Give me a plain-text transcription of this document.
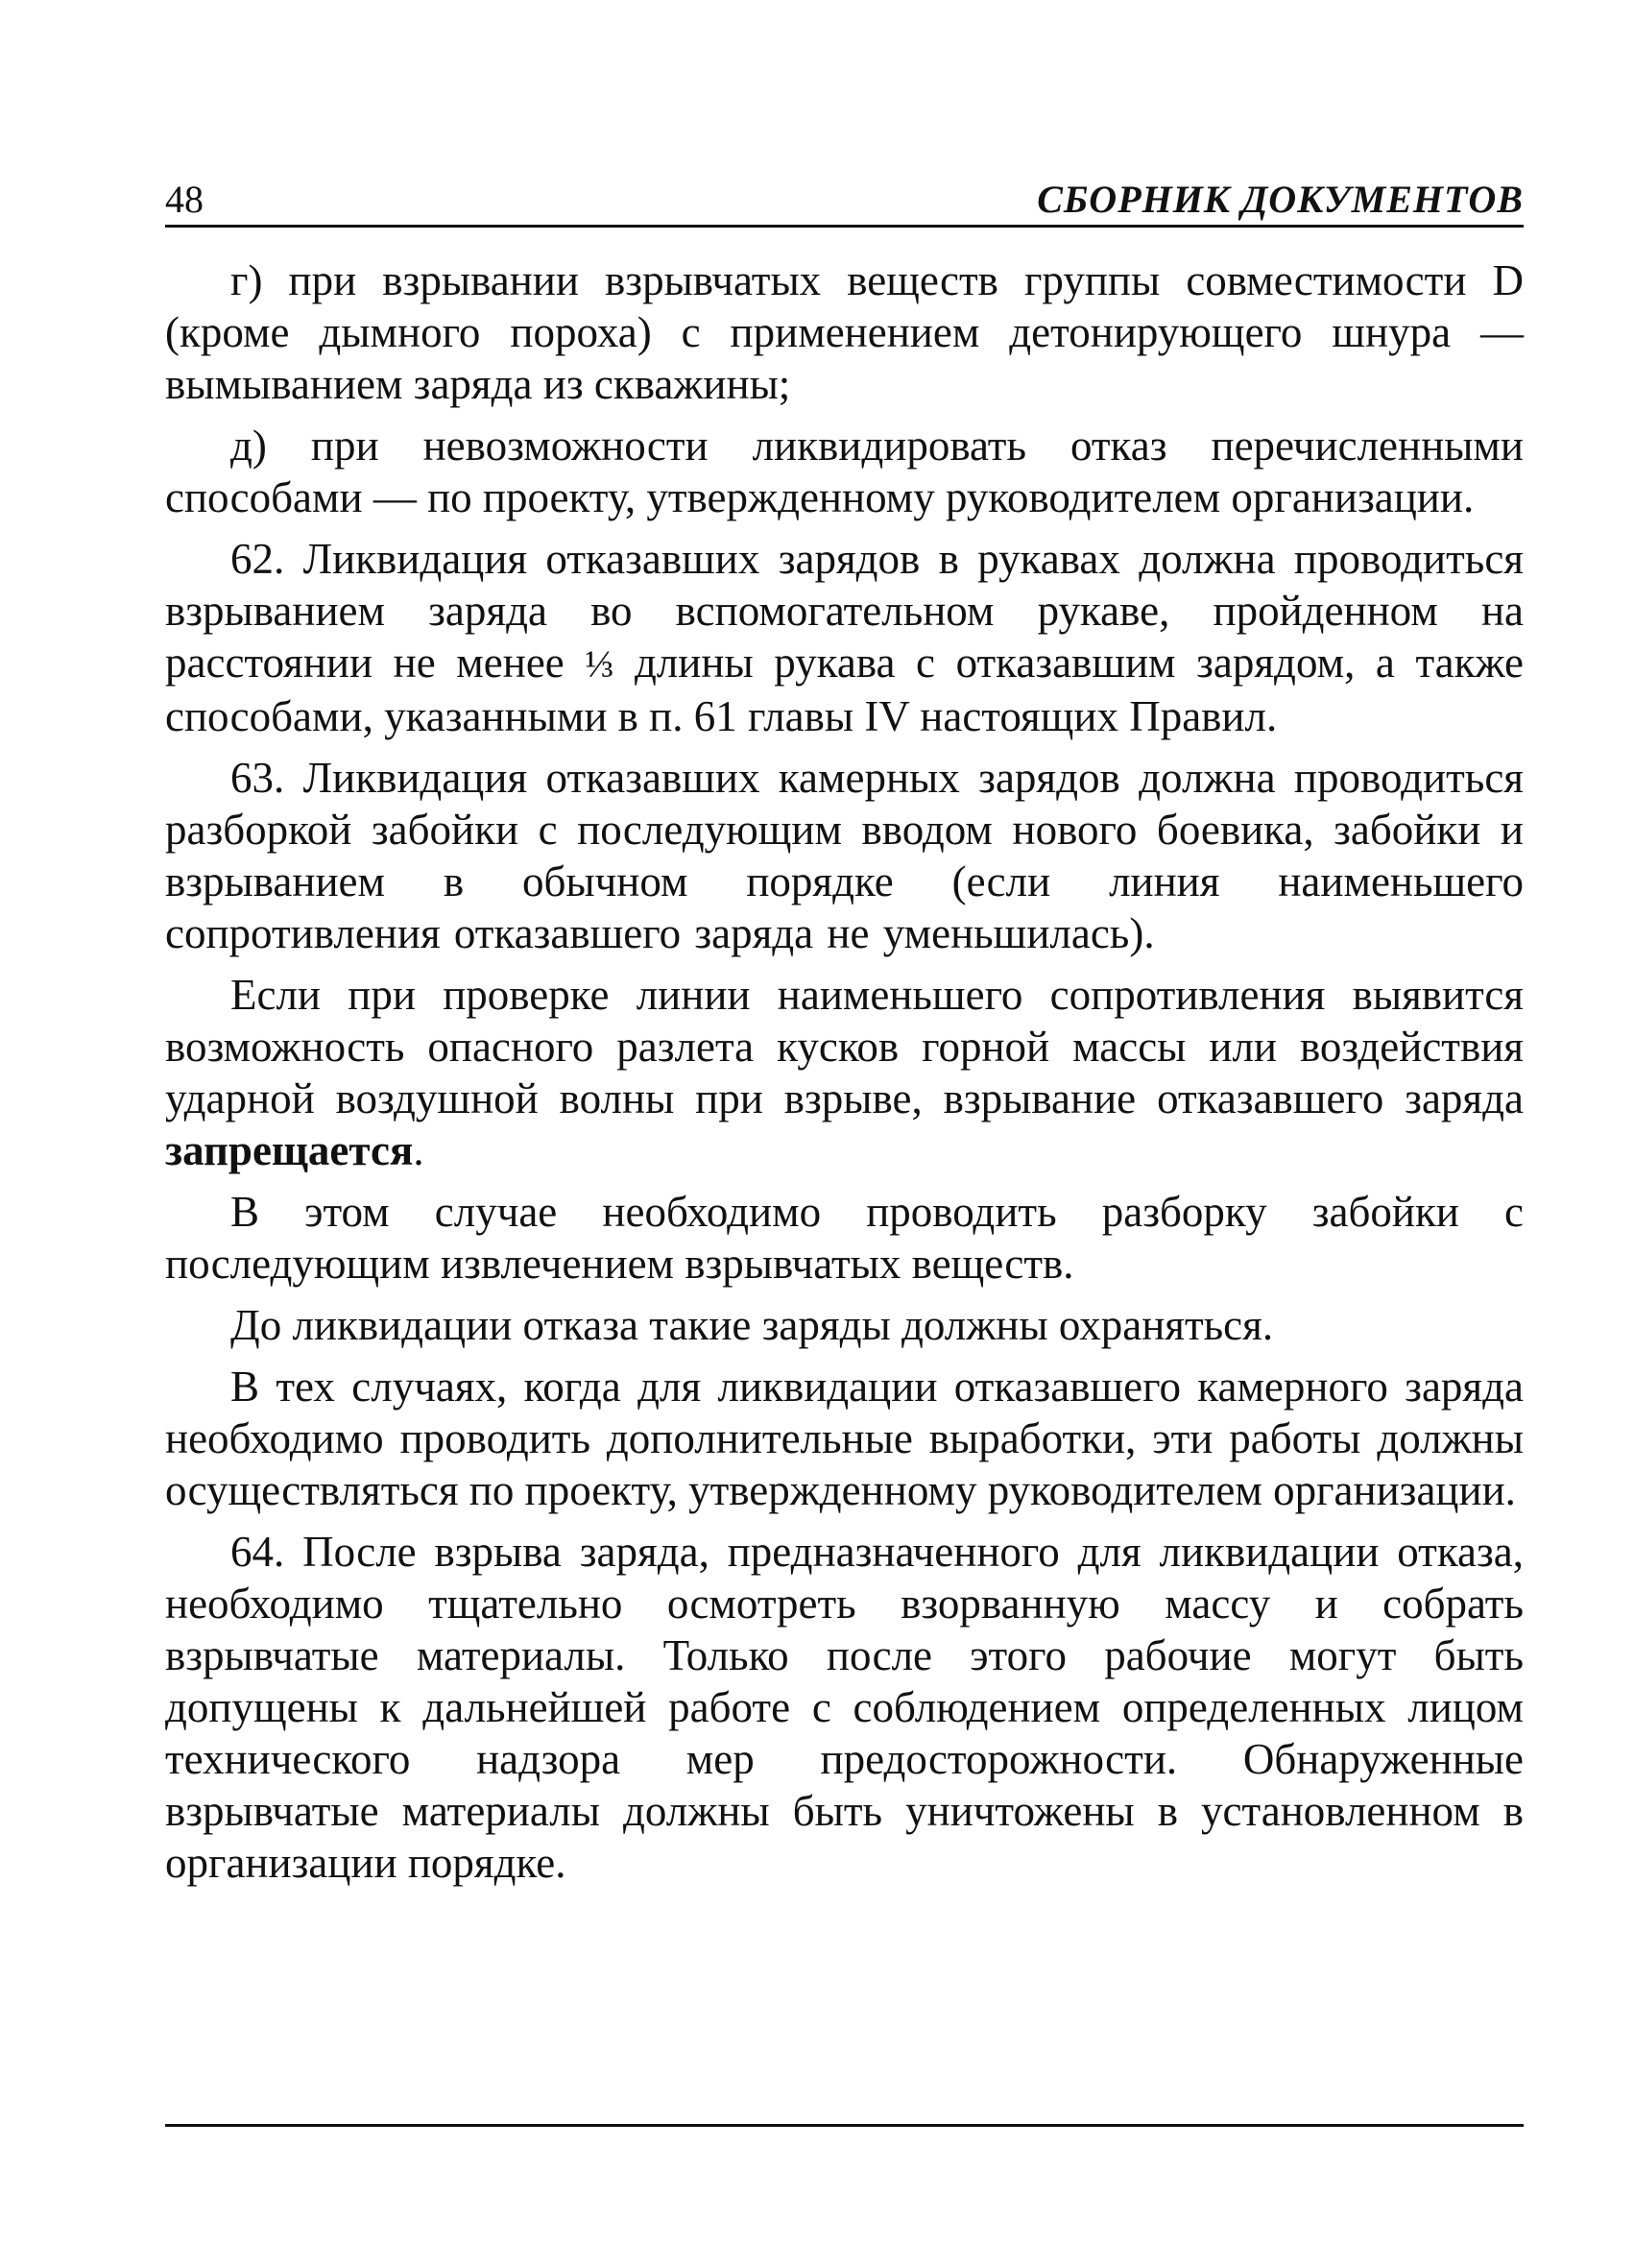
48	СБОРНИК ДОКУМЕНТОВ

г) при взрывании взрывчатых веществ группы совместимости D (кроме дымного пороха) с применением детонирующего шнура — вымыванием заряда из скважины;

д) при невозможности ликвидировать отказ перечисленными способами — по проекту, утвержденному руководителем организации.

62. Ликвидация отказавших зарядов в рукавах должна проводиться взрыванием заряда во вспомогательном рукаве, пройденном на расстоянии не менее ⅓ длины рукава с отказавшим зарядом, а также способами, указанными в п. 61 главы IV настоящих Правил.

63. Ликвидация отказавших камерных зарядов должна проводиться разборкой забойки с последующим вводом нового боевика, забойки и взрыванием в обычном порядке (если линия наименьшего сопротивления отказавшего заряда не уменьшилась).

Если при проверке линии наименьшего сопротивления выявится возможность опасного разлета кусков горной массы или воздействия ударной воздушной волны при взрыве, взрывание отказавшего заряда запрещается.

В этом случае необходимо проводить разборку забойки с последующим извлечением взрывчатых веществ.

До ликвидации отказа такие заряды должны охраняться.

В тех случаях, когда для ликвидации отказавшего камерного заряда необходимо проводить дополнительные выработки, эти работы должны осуществляться по проекту, утвержденному руководителем организации.

64. После взрыва заряда, предназначенного для ликвидации отказа, необходимо тщательно осмотреть взорванную массу и собрать взрывчатые материалы. Только после этого рабочие могут быть допущены к дальнейшей работе с соблюдением определенных лицом технического надзора мер предосторожности. Обнаруженные взрывчатые материалы должны быть уничтожены в установленном в организации порядке.
